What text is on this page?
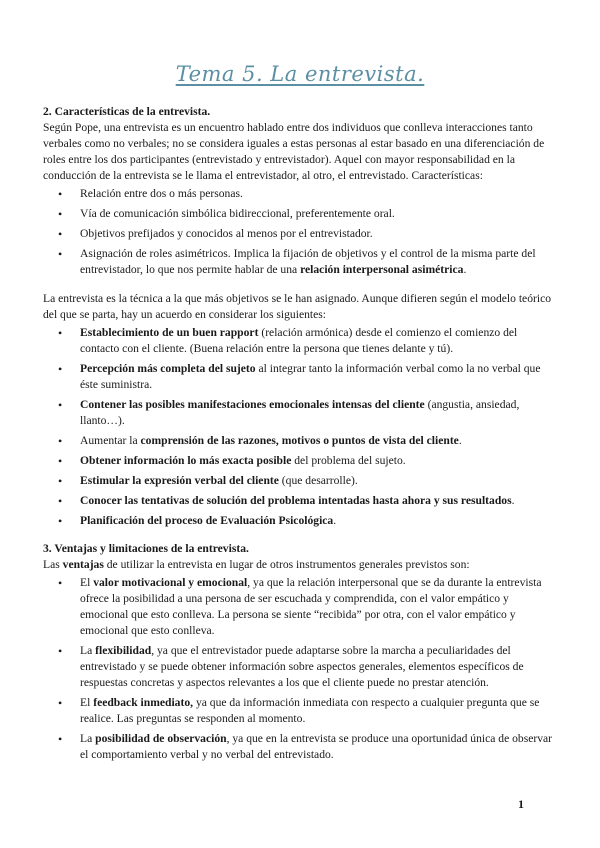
Tema 5. La entrevista.

2. Características de la entrevista.

Según Pope, una entrevista es un encuentro hablado entre dos individuos que conlleva interacciones tanto verbales como no verbales; no se considera iguales a estas personas al estar basado en una diferenciación de roles entre los dos participantes (entrevistado y entrevistador). Aquel con mayor responsabilidad en la conducción de la entrevista se le llama el entrevistador, al otro, el entrevistado. Características:

• Relación entre dos o más personas.
• Vía de comunicación simbólica bidireccional, preferentemente oral.
• Objetivos prefijados y conocidos al menos por el entrevistador.
• Asignación de roles asimétricos. Implica la fijación de objetivos y el control de la misma parte del entrevistador, lo que nos permite hablar de una relación interpersonal asimétrica.

La entrevista es la técnica a la que más objetivos se le han asignado. Aunque difieren según el modelo teórico del que se parta, hay un acuerdo en considerar los siguientes:

• Establecimiento de un buen rapport (relación armónica) desde el comienzo el comienzo del contacto con el cliente. (Buena relación entre la persona que tienes delante y tú).
• Percepción más completa del sujeto al integrar tanto la información verbal como la no verbal que éste suministra.
• Contener las posibles manifestaciones emocionales intensas del cliente (angustia, ansiedad, llanto…).
• Aumentar la comprensión de las razones, motivos o puntos de vista del cliente.
• Obtener información lo más exacta posible del problema del sujeto.
• Estimular la expresión verbal del cliente (que desarrolle).
• Conocer las tentativas de solución del problema intentadas hasta ahora y sus resultados.
• Planificación del proceso de Evaluación Psicológica.

3. Ventajas y limitaciones de la entrevista.

Las ventajas de utilizar la entrevista en lugar de otros instrumentos generales previstos son:

• El valor motivacional y emocional, ya que la relación interpersonal que se da durante la entrevista ofrece la posibilidad a una persona de ser escuchada y comprendida, con el valor empático y emocional que esto conlleva. La persona se siente “recibida” por otra, con el valor empático y emocional que esto conlleva.
• La flexibilidad, ya que el entrevistador puede adaptarse sobre la marcha a peculiaridades del entrevistado y se puede obtener información sobre aspectos generales, elementos específicos de respuestas concretas y aspectos relevantes a los que el cliente puede no prestar atención.
• El feedback inmediato, ya que da información inmediata con respecto a cualquier pregunta que se realice. Las preguntas se responden al momento.
• La posibilidad de observación, ya que en la entrevista se produce una oportunidad única de observar el comportamiento verbal y no verbal del entrevistado.
1
